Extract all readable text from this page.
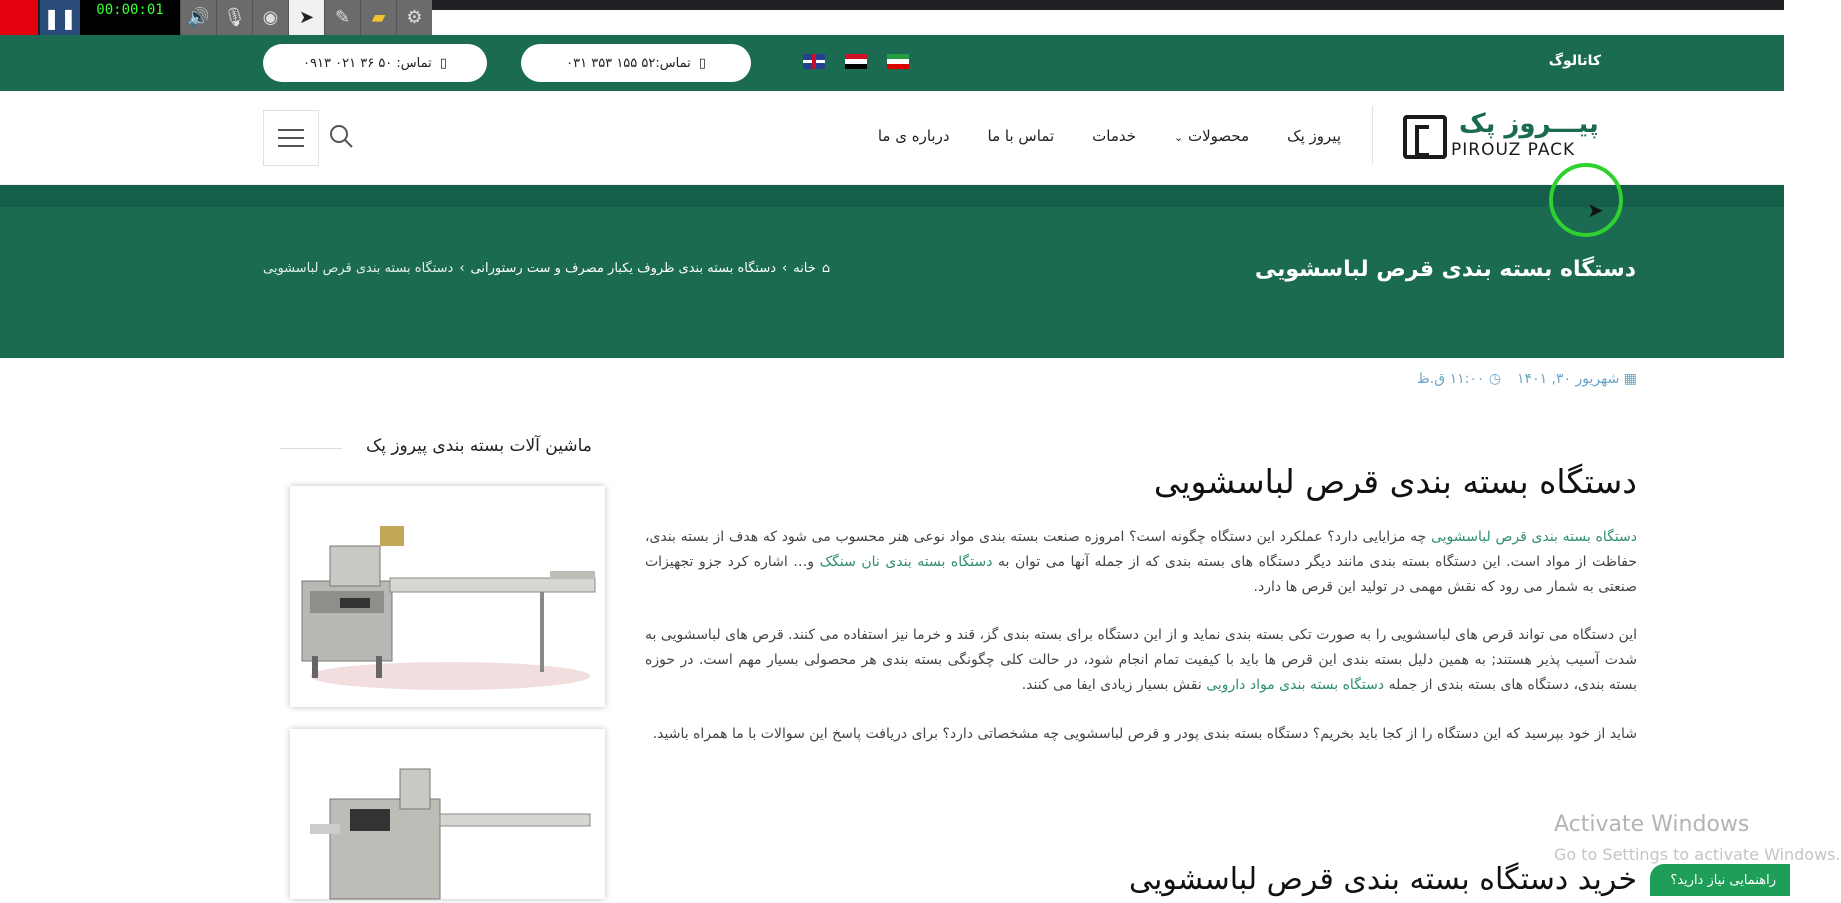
❚❚	00:00:01	🔊 🎙 ◉	➤	✎	▰	⚙
تماس: ۵۰ ۳۶ ۰۲۱ ۰۹۱۳ ▯	تماس:۵۲ ۱۵۵ ۳۵۳ ۰۳۱ ▯	کاتالوگ
درباره ی ما	تماس با ما	خدمات	محصولات ⌄	پیروز پک	پیـــروز پک
PIROUZ PACK
دستگاه بسته بندی قرص لباسشویی
⌂
خانه
›
دستگاه بسته بندی ظروف یکبار مصرف و ست رستورانی
›
دستگاه بسته بندی قرص لباسشویی
➤
▦ شهریور ۳۰, ۱۴۰۱
◷ ۱۱:۰۰ ق.ظ
دستگاه بسته بندی قرص لباسشویی
دستگاه بسته بندی قرص لباسشویی چه مزایایی دارد؟ عملکرد این دستگاه چگونه است؟ امروزه صنعت بسته بندی مواد نوعی هنر محسوب می شود که هدف از بسته بندی، حفاظت از مواد است. این دستگاه بسته بندی مانند دیگر دستگاه های بسته بندی که از جمله آنها می توان به دستگاه بسته بندی نان سنگک و… اشاره کرد جزو تجهیزات صنعتی به شمار می رود که نقش مهمی در تولید این قرص ها دارد.
این دستگاه می تواند قرص های لباسشویی را به صورت تکی بسته بندی نماید و از این دستگاه برای بسته بندی گز، قند و خرما نیز استفاده می کنند. قرص های لباسشویی به شدت آسیب پذیر هستند; به همین دلیل بسته بندی این قرص ها باید با کیفیت تمام انجام شود، در حالت کلی چگونگی بسته بندی هر محصولی بسیار مهم است. در حوزه بسته بندی، دستگاه های بسته بندی از جمله دستگاه بسته بندی مواد دارویی نقش بسیار زیادی ایفا می کنند.
شاید از خود بپرسید که این دستگاه را از کجا باید بخریم؟ دستگاه بسته بندی پودر و قرص لباسشویی چه مشخصاتی دارد؟ برای دریافت پاسخ این سوالات با ما همراه باشید.
خرید دستگاه بسته بندی قرص لباسشویی
ماشین آلات بسته بندی پیروز پک
Activate Windows
Go to Settings to activate Windows.
راهنمایی نیاز دارید؟
